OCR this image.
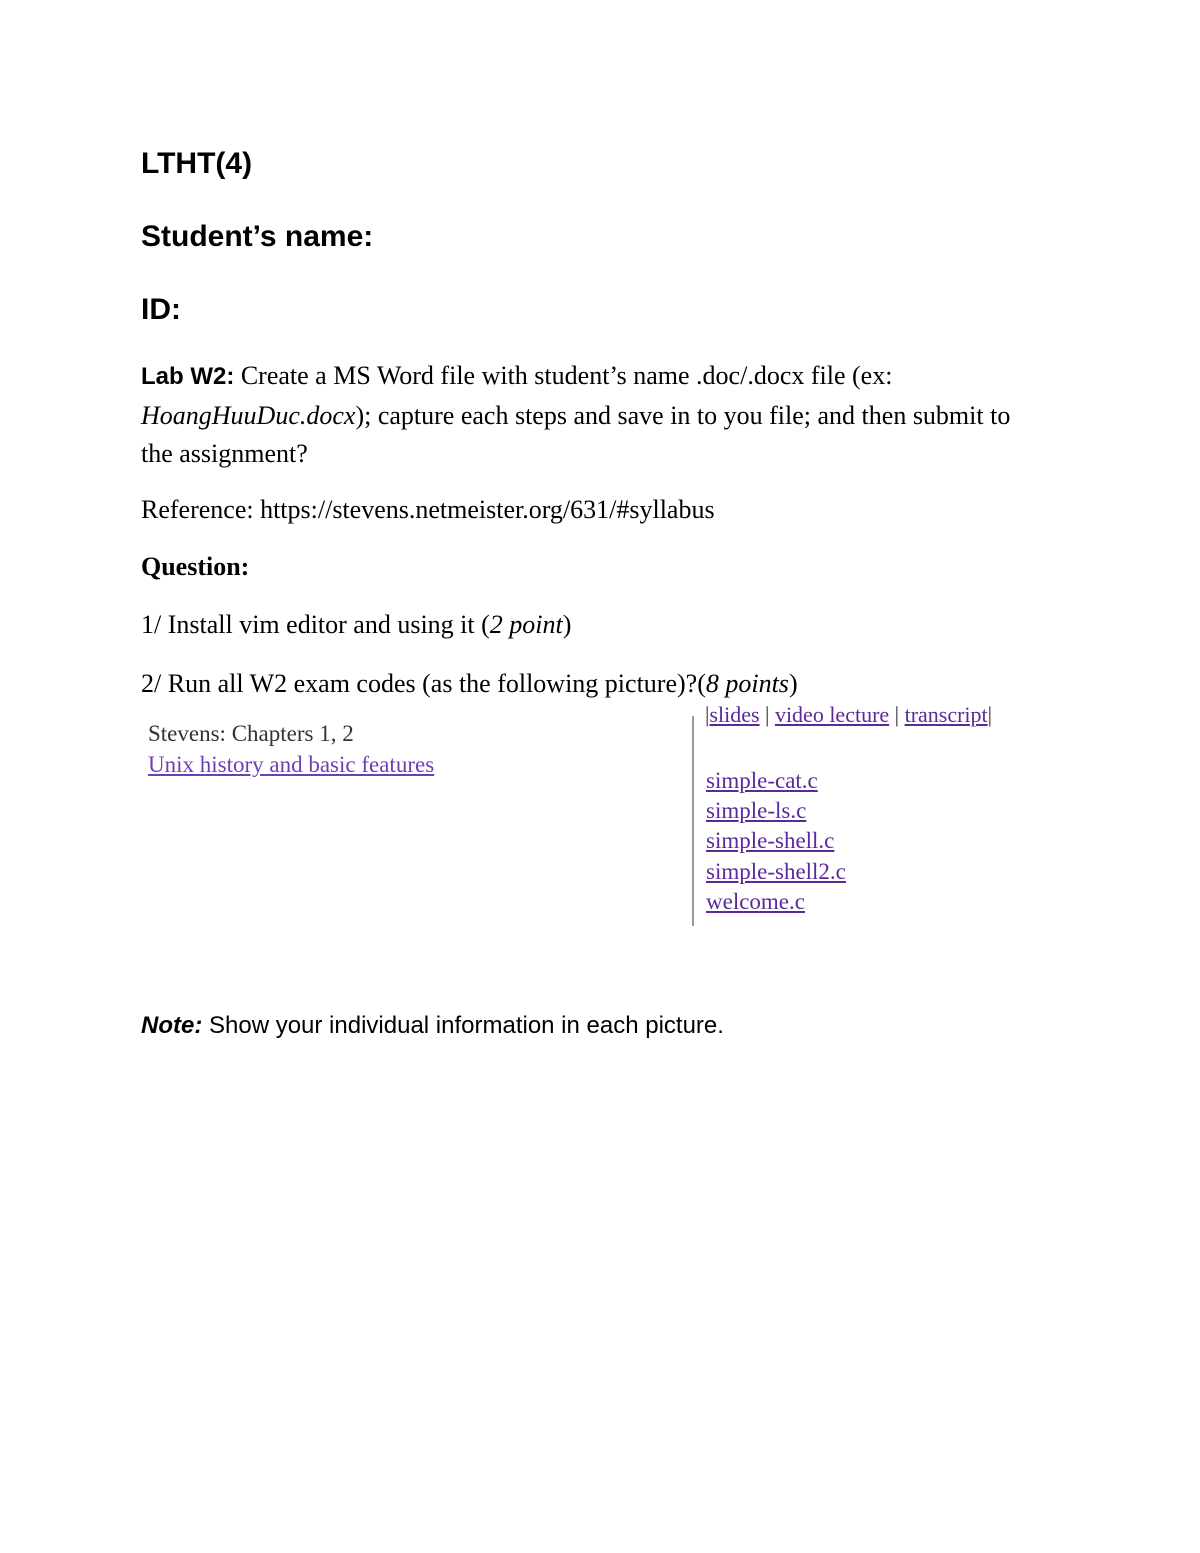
LTHT(4)
Student’s name:
ID:
Lab W2: Create a MS Word file with student’s name .doc/.docx file (ex: HoangHuuDuc.docx); capture each steps and save in to you file; and then submit to the assignment?
Reference: https://stevens.netmeister.org/631/#syllabus
Question:
1/ Install vim editor and using it (2 point)
2/ Run all W2 exam codes (as the following picture)?(8 points)
Stevens: Chapters 1, 2
Unix history and basic features
|slides | video lecture | transcript|
simple-cat.c
simple-ls.c
simple-shell.c
simple-shell2.c
welcome.c
Note: Show your individual information in each picture.
